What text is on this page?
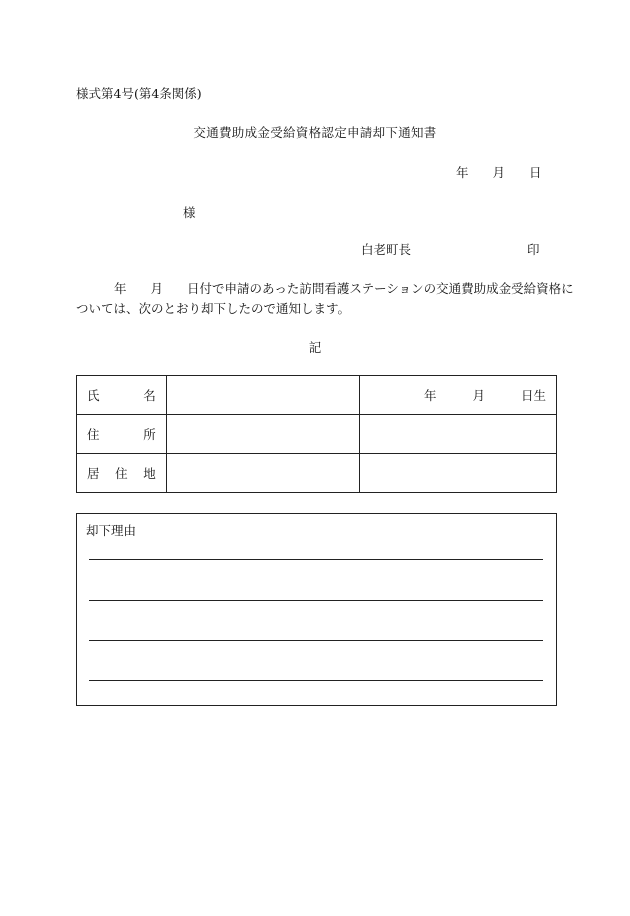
様式第4号(第4条関係)
交通費助成金受給資格認定申請却下通知書
年 月 日
様
白老町長	印
年 月 日付で申請のあった訪問看護ステーションの交通費助成金受給資格に
ついては、次のとおり却下したので通知します。
記
氏 名		年 月 日生

住 所		

居 住 地		

却下理由
